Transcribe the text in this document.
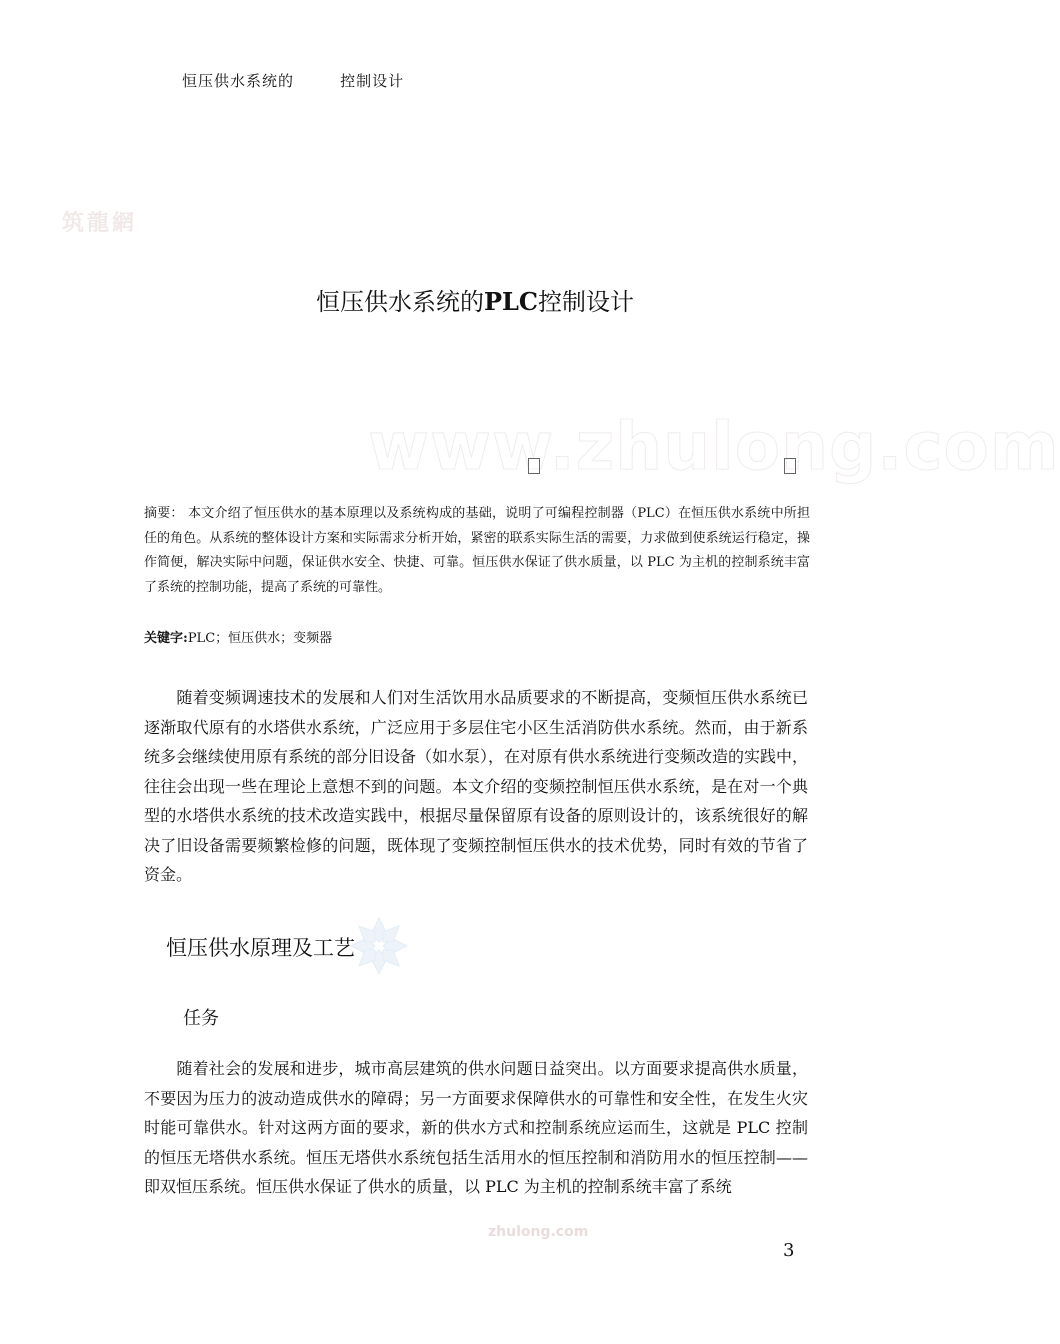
恒压供水系统的        控制设计
筑龍網
www.zhulong.com
恒压供水系统的PLC控制设计
摘要： 本文介绍了恒压供水的基本原理以及系统构成的基础，说明了可编程控制器（PLC）在恒压供水系统中所担任的角色。从系统的整体设计方案和实际需求分析开始，紧密的联系实际生活的需要，力求做到使系统运行稳定，操作简便，解决实际中问题，保证供水安全、快捷、可靠。恒压供水保证了供水质量，以 PLC 为主机的控制系统丰富了系统的控制功能，提高了系统的可靠性。
关键字:PLC；恒压供水；变频器
　　随着变频调速技术的发展和人们对生活饮用水品质要求的不断提高，变频恒压供水系统已逐渐取代原有的水塔供水系统，广泛应用于多层住宅小区生活消防供水系统。然而，由于新系统多会继续使用原有系统的部分旧设备（如水泵），在对原有供水系统进行变频改造的实践中，往往会出现一些在理论上意想不到的问题。本文介绍的变频控制恒压供水系统，是在对一个典型的水塔供水系统的技术改造实践中，根据尽量保留原有设备的原则设计的，该系统很好的解决了旧设备需要频繁检修的问题，既体现了变频控制恒压供水的技术优势，同时有效的节省了资金。
恒压供水原理及工艺
任务
　　随着社会的发展和进步，城市高层建筑的供水问题日益突出。以方面要求提高供水质量，不要因为压力的波动造成供水的障碍；另一方面要求保障供水的可靠性和安全性，在发生火灾时能可靠供水。针对这两方面的要求，新的供水方式和控制系统应运而生，这就是 PLC 控制的恒压无塔供水系统。恒压无塔供水系统包括生活用水的恒压控制和消防用水的恒压控制——即双恒压系统。恒压供水保证了供水的质量，以 PLC 为主机的控制系统丰富了系统
zhulong.com
3
